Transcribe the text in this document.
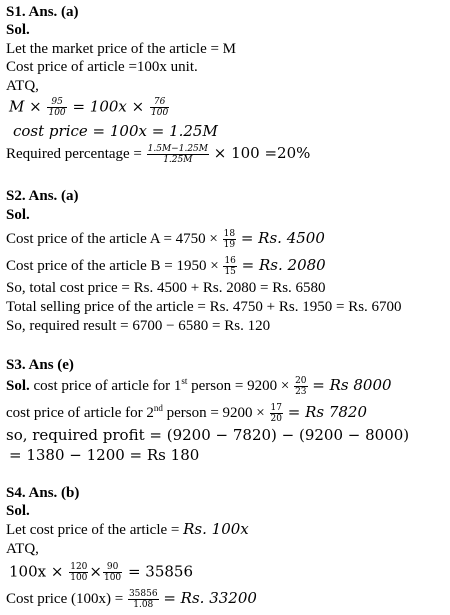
S1. Ans. (a)
Sol.
Let the market price of the article = M
Cost price of article =100x unit.
ATQ,
$M \times \frac{95}{100} = 100x \times \frac{76}{100}$
cost price = 100x = 1.25M
Required percentage = $\frac{1.5M-1.25M}{1.25M} \times 100 =20\%$
S2. Ans. (a)
Sol.
Cost price of the article $A = 4750 \times \frac{18}{19} = Rs$. 4500
Cost price of the article $B = 1950 \times \frac{16}{15} = Rs$. 2080
So, total cost price = Rs. 4500 + Rs. 2080 = Rs. 6580
Total selling price of the article = Rs. 4750 + Rs. 1950 = Rs. 6700
So, required result = 6700 − 6580 = Rs. 120
S3. Ans (e)
Sol. cost price of article for 1st person = $9200 \times \frac{20}{23} = Rs$ 8000
cost price of article for 2nd person = $9200 \times \frac{17}{20} = Rs$ 7820
so, required profit = (9200 − 7820) − (9200 − 8000)
= 1380 − 1200 = Rs 180
S4. Ans. (b)
Sol.
Let cost price of the article = Rs. 100x
ATQ,
$100x \times \frac{120}{100} \times \frac{90}{100} = 35856$
Cost price $(100x) = \frac{35856}{1.08} = Rs$. 33200
